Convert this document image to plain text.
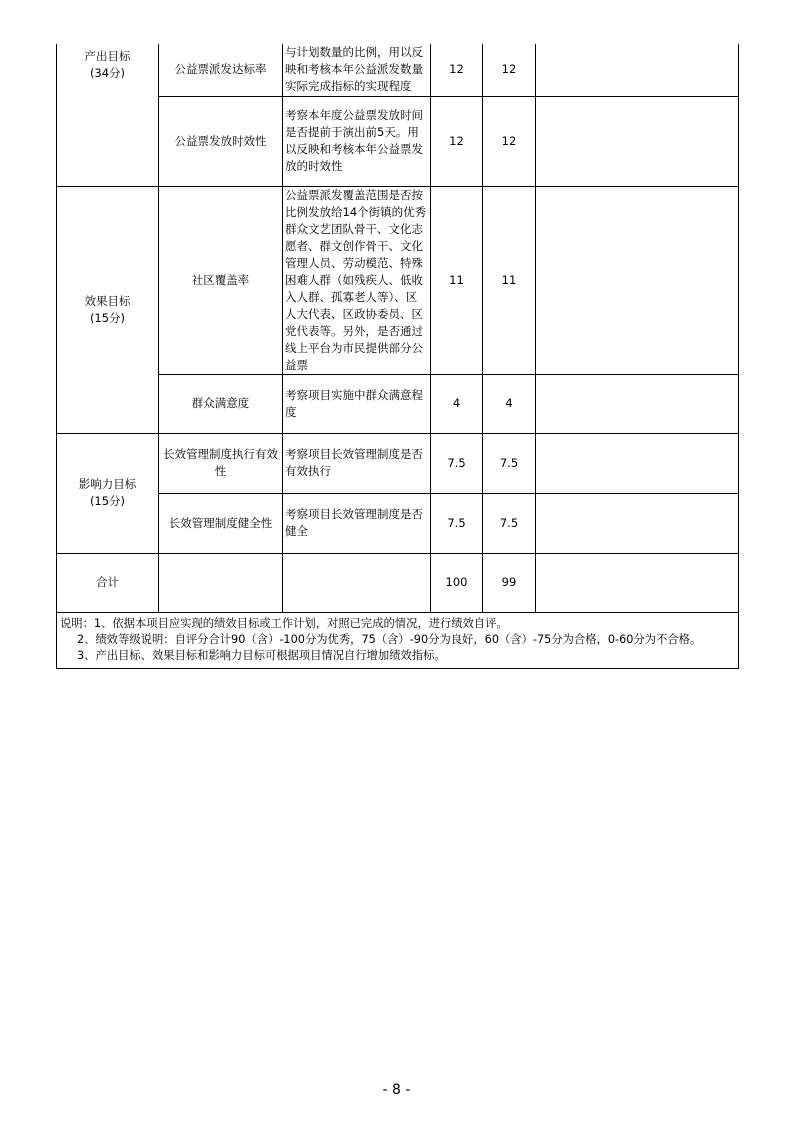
产出目标
(34分)	公益票派发达标率	与计划数量的比例，用以反映和考核本年公益派发数量实际完成指标的实现程度	12	12	
	公益票发放时效性	考察本年度公益票发放时间是否提前于演出前5天。用以反映和考核本年公益票发放的时效性	12	12	

效果目标
(15分)	社区覆盖率	公益票派发覆盖范围是否按比例发放给14个街镇的优秀群众文艺团队骨干、文化志愿者、群文创作骨干、文化管理人员、劳动模范、特殊困难人群（如残疾人、低收入人群、孤寡老人等）、区人大代表、区政协委员、区党代表等。另外，是否通过线上平台为市民提供部分公益票	11	11	
	群众满意度	考察项目实施中群众满意程度	4	4	

影响力目标
(15分)	长效管理制度执行有效性	考察项目长效管理制度是否有效执行	7.5	7.5	
	长效管理制度健全性	考察项目长效管理制度是否健全	7.5	7.5	
合计			100	99	

说明：1、依据本项目应实现的绩效目标或工作计划，对照已完成的情况，进行绩效自评。
2、绩效等级说明：自评分合计90（含）-100分为优秀，75（含）-90分为良好，60（含）-75分为合格，0-60分为不合格。
3、产出目标、效果目标和影响力目标可根据项目情况自行增加绩效指标。					
- 8 -
